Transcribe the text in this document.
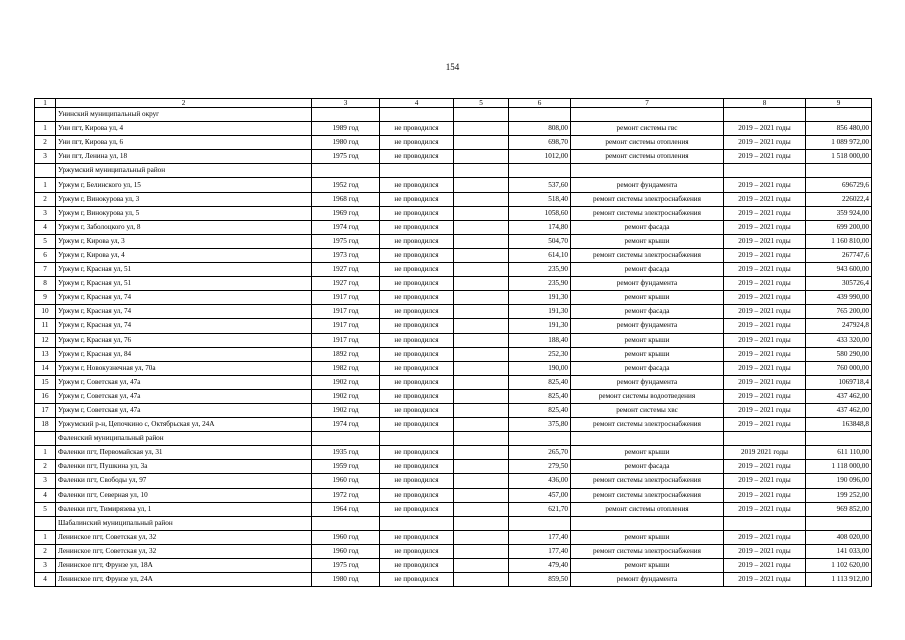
154
1	2	3	4	5	6	7	8	9
	Унинский муниципальный округ							
1	Уни пгт, Кирова ул, 4	1989 год	не проводился		808,00	ремонт системы гвс	2019 – 2021 годы	856 480,00
2	Уни пгт, Кирова ул, 6	1980 год	не проводился		698,70	ремонт системы отопления	2019 – 2021 годы	1 089 972,00
3	Уни пгт, Ленина ул, 18	1975 год	не проводился		1012,00	ремонт системы отопления	2019 – 2021 годы	1 518 000,00
	Уржумский муниципальный район							
1	Уржум г, Белинского ул, 15	1952 год	не проводился		537,60	ремонт фундамента	2019 – 2021 годы	696729,6
2	Уржум г, Винокурова ул, 3	1968 год	не проводился		518,40	ремонт системы электроснабжения	2019 – 2021 годы	226022,4
3	Уржум г, Винокурова ул, 5	1969 год	не проводился		1058,60	ремонт системы электроснабжения	2019 – 2021 годы	359 924,00
4	Уржум г, Заболоцкого ул, 8	1974 год	не проводился		174,80	ремонт фасада	2019 – 2021 годы	699 200,00
5	Уржум г, Кирова ул, 3	1975 год	не проводился		504,70	ремонт крыши	2019 – 2021 годы	1 160 810,00
6	Уржум г, Кирова ул, 4	1973 год	не проводился		614,10	ремонт системы электроснабжения	2019 – 2021 годы	267747,6
7	Уржум г, Красная ул, 51	1927 год	не проводился		235,90	ремонт фасада	2019 – 2021 годы	943 600,00
8	Уржум г, Красная ул, 51	1927 год	не проводился		235,90	ремонт фундамента	2019 – 2021 годы	305726,4
9	Уржум г, Красная ул, 74	1917 год	не проводился		191,30	ремонт крыши	2019 – 2021 годы	439 990,00
10	Уржум г, Красная ул, 74	1917 год	не проводился		191,30	ремонт фасада	2019 – 2021 годы	765 200,00
11	Уржум г, Красная ул, 74	1917 год	не проводился		191,30	ремонт фундамента	2019 – 2021 годы	247924,8
12	Уржум г, Красная ул, 76	1917 год	не проводился		188,40	ремонт крыши	2019 – 2021 годы	433 320,00
13	Уржум г, Красная ул, 84	1892 год	не проводился		252,30	ремонт крыши	2019 – 2021 годы	580 290,00
14	Уржум г, Новокузнечная ул, 70а	1982 год	не проводился		190,00	ремонт фасада	2019 – 2021 годы	760 000,00
15	Уржум г, Советская ул, 47а	1902 год	не проводился		825,40	ремонт фундамента	2019 – 2021 годы	1069718,4
16	Уржум г, Советская ул, 47а	1902 год	не проводился		825,40	ремонт системы водоотведения	2019 – 2021 годы	437 462,00
17	Уржум г, Советская ул, 47а	1902 год	не проводился		825,40	ремонт системы хвс	2019 – 2021 годы	437 462,00
18	Уржумский р-н, Цепочкино с, Октябрьская ул, 24А	1974 год	не проводился		375,80	ремонт системы электроснабжения	2019 – 2021 годы	163848,8
	Фаленский муниципальный район							
1	Фаленки пгт, Первомайская ул, 31	1935 год	не проводился		265,70	ремонт крыши	2019 2021 годы	611 110,00
2	Фаленки пгт, Пушкина ул, 3а	1959 год	не проводился		279,50	ремонт фасада	2019 – 2021 годы	1 118 000,00
3	Фаленки пгт, Свободы ул, 97	1960 год	не проводился		436,00	ремонт системы электроснабжения	2019 – 2021 годы	190 096,00
4	Фаленки пгт, Северная ул, 10	1972 год	не проводился		457,00	ремонт системы электроснабжения	2019 – 2021 годы	199 252,00
5	Фаленки пгт, Тимирязева ул, 1	1964 год	не проводился		621,70	ремонт системы отопления	2019 – 2021 годы	969 852,00
	Шабалинский муниципальный район							
1	Ленинское пгт, Советская ул, 32	1960 год	не проводился		177,40	ремонт крыши	2019 – 2021 годы	408 020,00
2	Ленинское пгт, Советская ул, 32	1960 год	не проводился		177,40	ремонт системы электроснабжения	2019 – 2021 годы	141 033,00
3	Ленинское пгт, Фрунзе ул, 18А	1975 год	не проводился		479,40	ремонт крыши	2019 – 2021 годы	1 102 620,00
4	Ленинское пгт, Фрунзе ул, 24А	1980 год	не проводился		859,50	ремонт фундамента	2019 – 2021 годы	1 113 912,00
